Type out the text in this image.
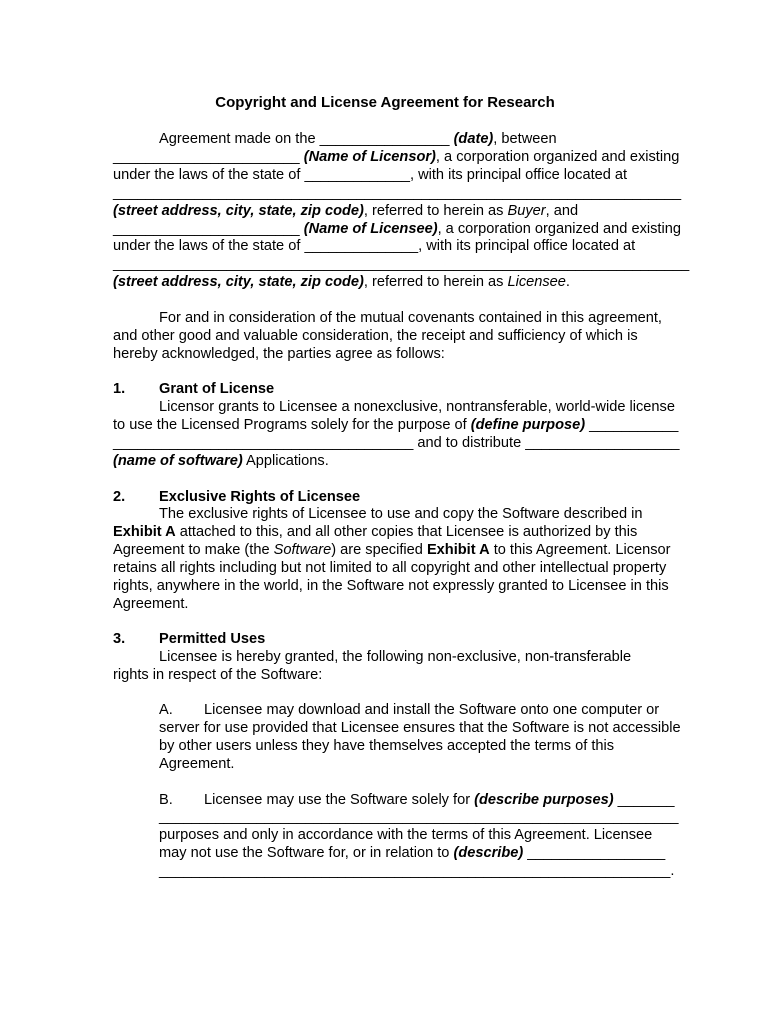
Copyright and License Agreement for Research
Agreement made on the ________________ (date), between
_______________________ (Name of Licensor), a corporation organized and existing
under the laws of the state of _____________, with its principal office located at
______________________________________________________________________
(street address, city, state, zip code), referred to herein as Buyer, and
_______________________ (Name of Licensee), a corporation organized and existing
under the laws of the state of ______________, with its principal office located at
_______________________________________________________________________
(street address, city, state, zip code), referred to herein as Licensee.
For and in consideration of the mutual covenants contained in this agreement,
and other good and valuable consideration, the receipt and sufficiency of which is
hereby acknowledged, the parties agree as follows:
1. Grant of License
Licensor grants to Licensee a nonexclusive, nontransferable, world-wide license
to use the Licensed Programs solely for the purpose of (define purpose) ___________
_____________________________________ and to distribute ___________________
(name of software) Applications.
2. Exclusive Rights of Licensee
The exclusive rights of Licensee to use and copy the Software described in
Exhibit A attached to this, and all other copies that Licensee is authorized by this
Agreement to make (the Software) are specified Exhibit A to this Agreement. Licensor
retains all rights including but not limited to all copyright and other intellectual property
rights, anywhere in the world, in the Software not expressly granted to Licensee in this
Agreement.
3. Permitted Uses
Licensee is hereby granted, the following non-exclusive, non-transferable
rights in respect of the Software:
A. Licensee may download and install the Software onto one computer or
server for use provided that Licensee ensures that the Software is not accessible
by other users unless they have themselves accepted the terms of this
Agreement.
B. Licensee may use the Software solely for (describe purposes) _______
________________________________________________________________
purposes and only in accordance with the terms of this Agreement. Licensee
may not use the Software for, or in relation to (describe) _________________
_______________________________________________________________.
